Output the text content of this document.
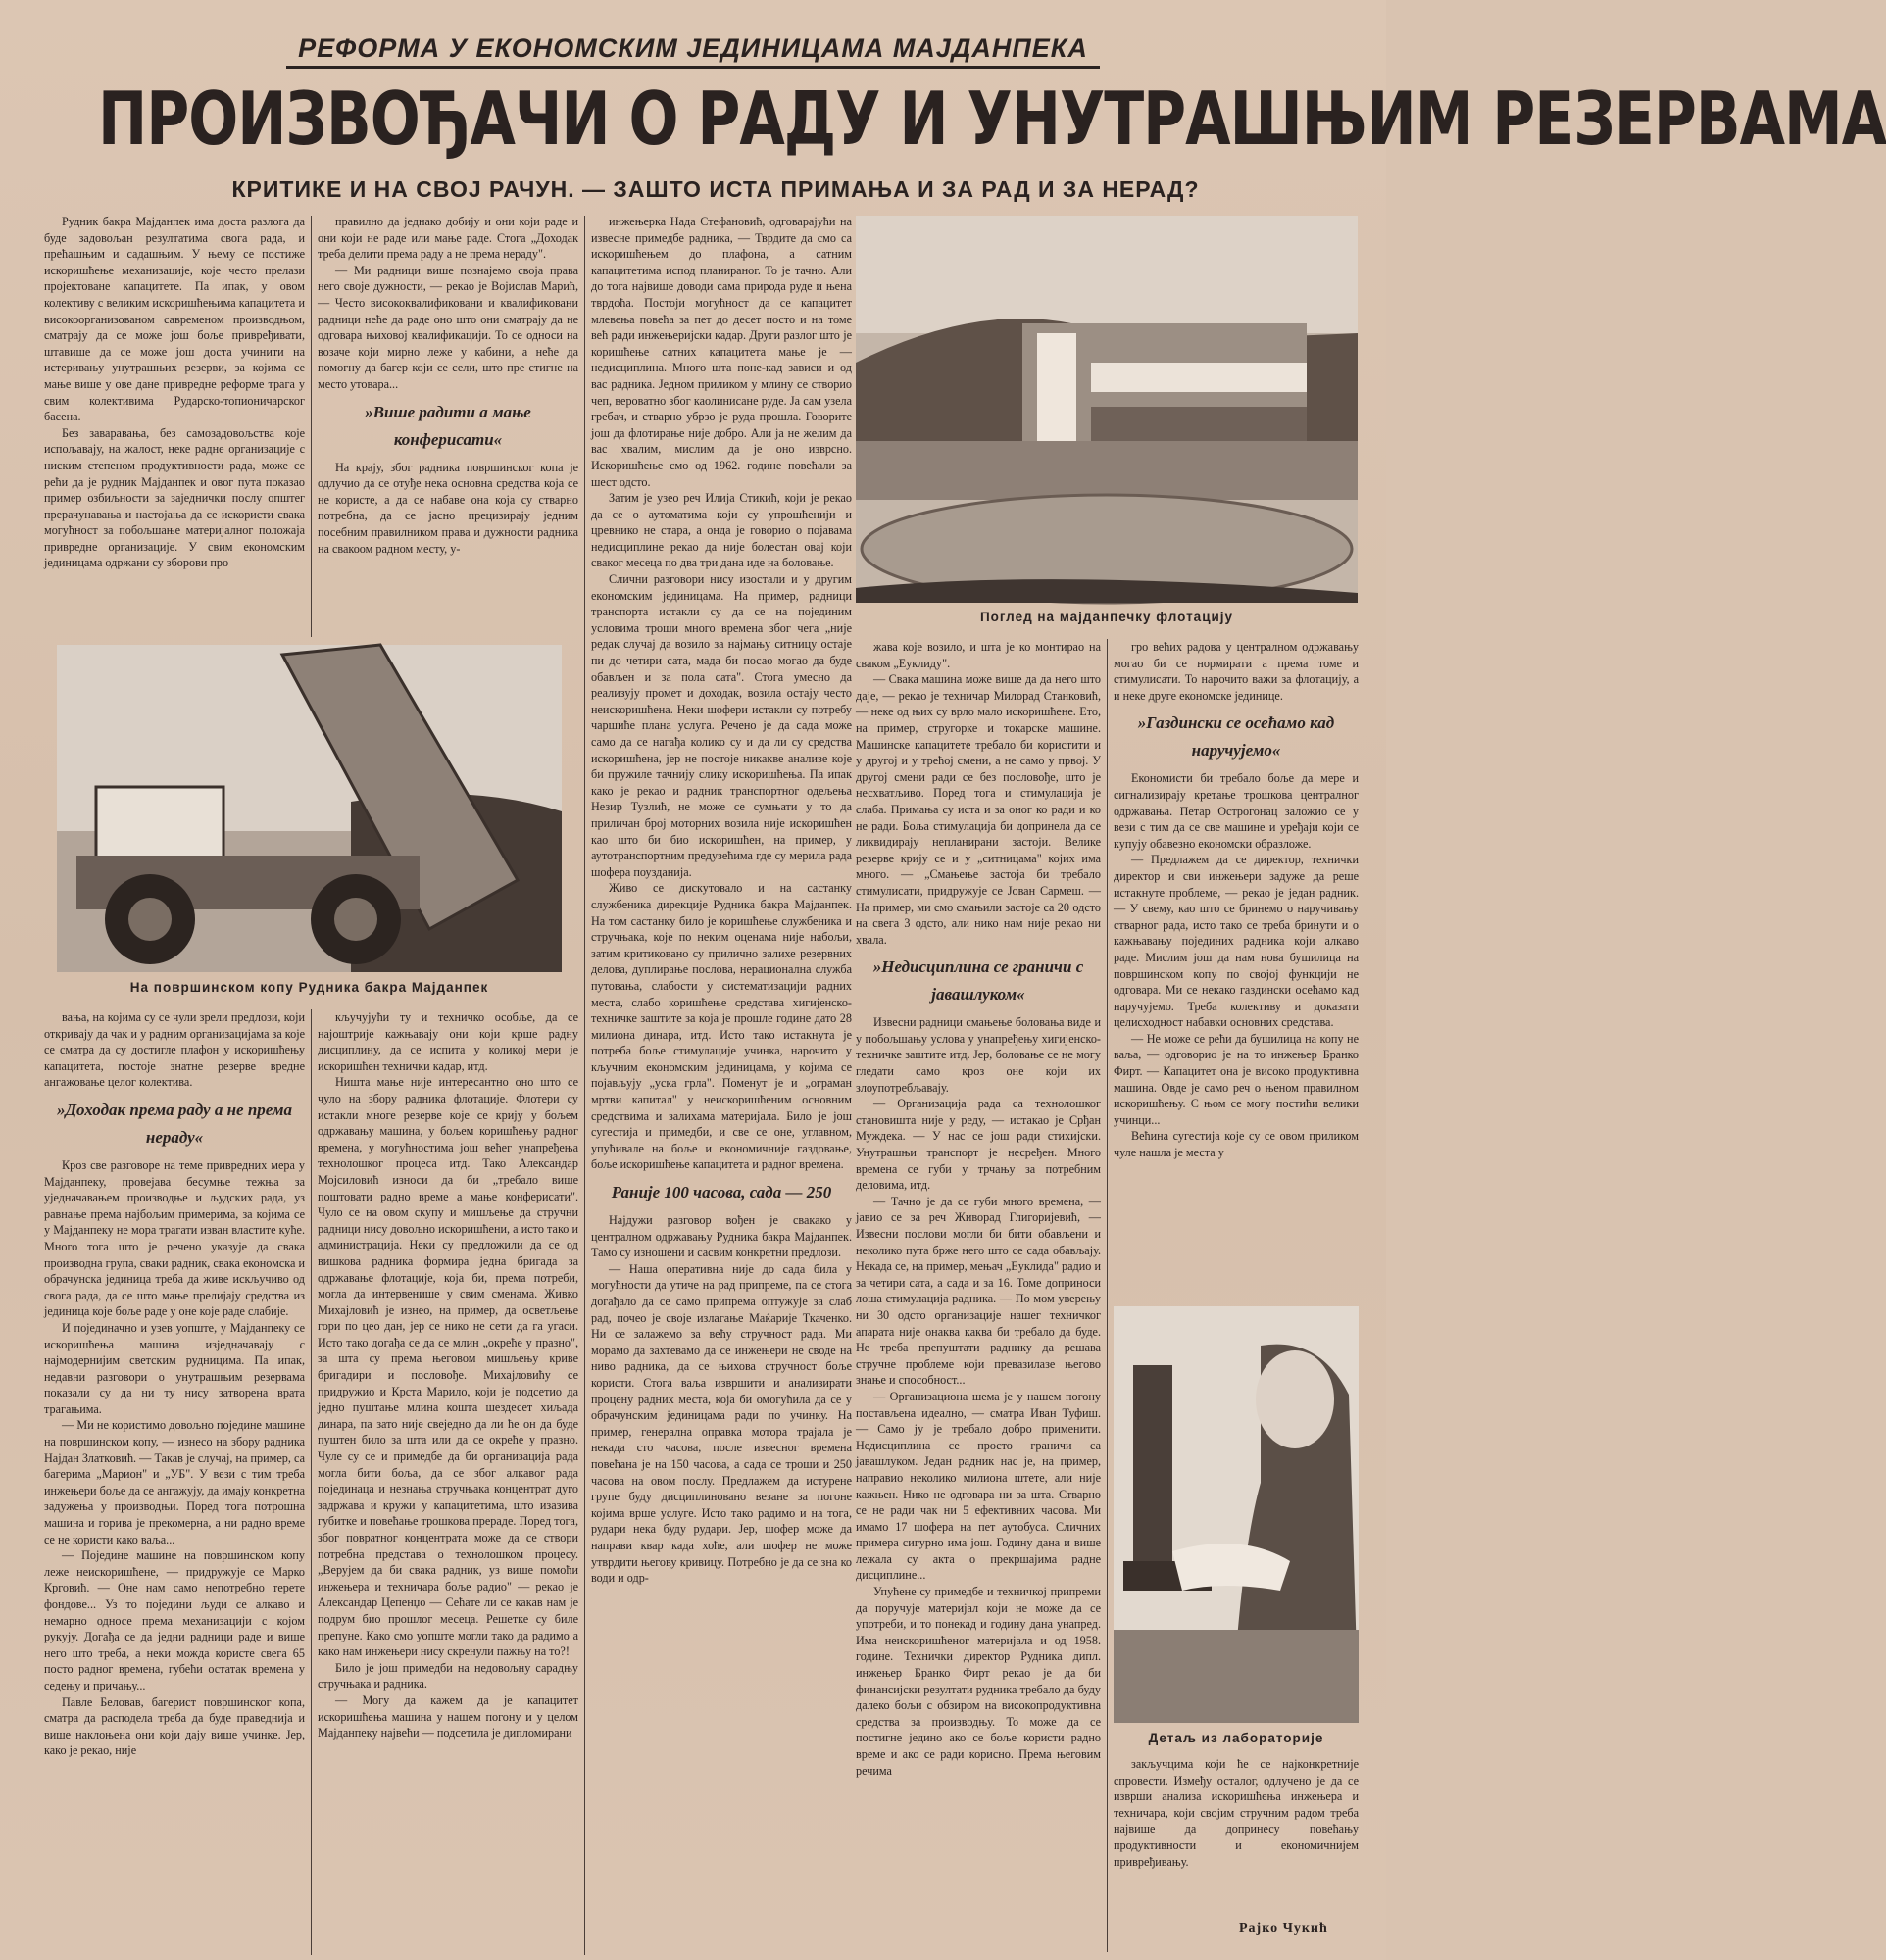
РЕФОРМА У ЕКОНОМСКИМ ЈЕДИНИЦАМА МАЈДАНПЕКА
ПРОИЗВОЂАЧИ О РАДУ И УНУТРАШЊИМ РЕЗЕРВАМА
КРИТИКЕ И НА СВОЈ РАЧУН. — ЗАШТО ИСТА ПРИМАЊА И ЗА РАД И ЗА НЕРАД?

Рудник бакра Мајданпек има доста разлога да буде задовољан резултатима свога рада, и прећашњим и садашњим. У њему се постиже искоришћење механизације, које често прелази пројектоване капацитете. Па ипак, у овом колективу с великим искоришћењима капацитета и високоорганизованом савременом производњом, сматрају да се може још боље привређивати, штавише да се може још доста учинити на истеривању унутрашњих резерви, за којима се мање више у ове дане привредне реформе трага у свим колективима Рударско-топионичарског басена.

Без заваравања, без самозадовољства које испољавају, на жалост, неке радне организације с ниским степеном продуктивности рада, може се рећи да је рудник Мајданпек и овог пута показао пример озбиљности за заједнички послу општег прерачунавања и настојања да се искористи свака могућност за побољшање материјалног положаја привредне организације. У свим економским јединицама одржани су зборови про

правилно да једнако добију и они који раде и они који не раде или мање раде. Стога „Доходак треба делити према раду а не према нераду".

— Ми радници више познајемо своја права него своје дужности, — рекао је Војислав Марић, — Често висококвалификовани и квалификовани радници неће да раде оно што они сматрају да не одговара њиховој квалификацији. То се односи на возаче који мирно леже у кабини, а неће да помогну да багер који се сели, што пре стигне на место утовара...

»Више радити а мање конферисати«

На крају, због радника површинског копа је одлучио да се отуђе нека основна средства која се не користе, а да се набаве она која су стварно потребна, да се јасно прецизирају једним посебним правилником права и дужности радника на свакоом радном месту, у-

инжењерка Нада Стефановић, одговарајући на извесне примедбе радника, — Тврдите да смо са искоришћењем до плафона, а сатним капацитетима испод планираног. То је тачно. Али до тога највише доводи сама природа руде и њена тврдоћа. Постоји могућност да се капацитет млевења повећа за пет до десет посто и на томе већ ради инжењеријски кадар. Други разлог што је коришћење сатних капацитета мање је — недисциплина. Много шта поне-кад зависи и од вас радника. Једном приликом у млину се створио чеп, вероватно због каолинисане руде. Ја сам узела гребач, и стварно убрзо је руда прошла. Говорите још да флотирање није добро. Али ја не желим да вас хвалим, мислим да је оно изврсно. Искоришћење смо од 1962. године повећали за шест одсто.

Затим је узео реч Илија Стикић, који је рекао да се о аутоматима који су упрошћенији и цревнико не стара, а онда је говорио о појавама недисциплине рекао да није болестан овај који сваког месеца по два три дана иде на боловање.

Слични разговори нису изостали и у другим економским јединицама. На пример, радници транспорта истакли су да се на појединим условима троши много времена због чега „није редак случај да возило за најмању ситницу остаје пи до четири сата, мада би посао могао да буде обављен и за пола сата". Стога умесно да реализују промет и доходак, возила остају често неискоришћена. Неки шофери истакли су потребу чаршиће плана услуга. Речено је да сада може само да се нагађа колико су и да ли су средства искоришћена, јер не постоје никакве анализе које би пружиле тачнију слику искоришћења. Па ипак како је рекао и радник транспортног одељења Незир Тузлић, не може се сумњати у то да приличан број моторних возила није искоришћен као што би био искоришћен, на пример, у аутотранспортним предузећима где су мерила рада шофера поузданија.

Живо се дискутовало и на састанку службеника дирекције Рудника бакра Мајданпек. На том састанку било је коришћење службеника и стручњака, које по неким оценама није набољи, затим критиковано су прилично залихе резервних делова, дуплирање послова, нерационална служба путовања, слабости у систематизацији радних места, слабо коришћење средстава хигијенско-техничке заштите за која је прошле године дато 28 милиона динара, итд. Исто тако истакнута је потреба боље стимулације учинка, нарочито у кључним економским јединицама, у којима се појављују „уска грла". Поменут је и „ограман мртви капитал" у неискоришћеним основним средствима и залихама материјала. Било је још сугестија и примедби, и све се оне, углавном, упућивале на боље и економичније газдовање, боље искоришћење капацитета и радног времена.

Раније 100 часова, сада — 250

Најдужи разговор вођен је свакако у централном одржавању Рудника бакра Мајданпек. Тамо су изношени и сасвим конкретни предлози.

— Наша оперативна није до сада била у могућности да утиче на рад припреме, па се стога догађало да се само припрема оптужује за слаб рад, почео је своје излагање Маќарије Ткаченко. Ни се залажемо за већу стручност рада. Ми морамо да захтевамо да се инжењери не своде на ниво радника, да се њихова стручност боље користи. Стога ваља извршити и анализирати процену радних места, која би омогућила да се у обрачунским јединицама ради по учинку. На пример, генерална оправка мотора трајала је некада сто часова, после извесног времена повећана је на 150 часова, а сада се троши и 250 часова на овом послу. Предлажем да истурене групе буду дисциплиновано везане за погоне којима врше услуге. Исто тако радимо и на тога, рудари нека буду рудари. Јер, шофер може да направи квар када хоће, али шофер не може утврдити његову кривицу. Потребно је да се зна ко води и одр-

Поглед на мајданпечку флотацију
На површинском копу Рудника бакра Мајданпек

вања, на којима су се чули зрели предлози, који откривају да чак и у радним организацијама за које се сматра да су достигле плафон у искоришћењу капацитета, постоје знатне резерве вредне ангажовање целог колектива.

»Доходак према раду а не према нераду«

Кроз све разговоре на теме привредних мера у Мајданпеку, провејава бесумње тежња за уједначавањем производње и људских рада, уз равнање према најбољим примерима, за којима се у Мајданпеку не мора трагати изван властите куће. Много тога што је речено указује да свака производна група, сваки радник, свака економска и обрачунска јединица треба да живе искључиво од свога рада, да се што мање прелијају средства из јединица које боље раде у оне које раде слабије.

И појединачно и узев уопште, у Мајданпеку се искоришћења машина изједначавају с најмодернијим светским рудницима. Па ипак, недавни разговори о унутрашњим резервама показали су да ни ту нису затворена врата трагањима.

— Ми не користимо довољно поједине машине на површинском копу, — изнесо на збору радника Најдан Златковић. — Такав је случај, на пример, са багерима „Марион" и „УБ". У вези с тим треба инжењери боље да се ангажују, да имају конкретна задужења у производњи. Поред тога потрошна машина и горива је прекомерна, а ни радно време се не користи како ваља...

— Поједине машине на површинском копу леже неискоришћене, — придружује се Марко Крговић. — Оне нам само непотребно терете фондове... Уз то поједини људи се алкаво и немарно односе према механизацији с којом рукују. Догађа се да једни радници раде и више него што треба, а неки можда користе свега 65 посто радног времена, губећи остатак времена у седењу и причању...

Павле Беловав, багерист површинског копа, сматра да расподела треба да буде праведнија и више наклоњена они који дају више учинке. Јер, како је рекао, није

кључујући ту и техничко особље, да се најоштрије кажњавају они који крше радну дисциплину, да се испита у коликој мери је искоришћен технички кадар, итд.

Ништа мање није интересантно оно што се чуло на збору радника флотације. Флотери су истакли многе резерве које се крију у бољем одржавању машина, у бољем коришћењу радног времена, у могућностима још већег унапређења технолошког процеса итд. Тако Александар Мојсиловић износи да би „требало више поштовати радно време а мање конферисати". Чуло се на овом скупу и мишљење да стручни радници нису довољно искоришћени, а исто тако и администрација. Неки су предложили да се од вишкова радника формира једна бригада за одржавање флотације, која би, према потреби, могла да интервенише у свим сменама. Живко Михајловић је изнео, на пример, да осветљење гори по цео дан, јер се нико не сети да га угаси. Исто тако догађа се да се млин „окреће у празно", за шта су према његовом мишљењу криве бригадири и пословође. Михајловићу се придружио и Крста Марило, који је подсетио да једно пуштање млина кошта шездесет хиљада динара, па зато није свеједно да ли ће он да буде пуштен било за шта или да се окреће у празно. Чуле су се и примедбе да би организација рада могла бити боља, да се због алкавог рада појединаца и незнања стручњака концентрат дуго задржава и кружи у капацитетима, што изазива губитке и повећање трошкова прераде. Поред тога, због повратног концентрата може да се створи потребна представа о технолошком процесу. „Верујем да би свака радник, уз више помоћи инжењера и техничара боље радио" — рекао је Александар Цепенџо — Сећате ли се какав нам је подрум био прошлог месеца. Решетке су биле препуне. Како смо уопште могли тако да радимо а како нам инжењери нису скренули пажњу на то?!

Било је још примедби на недовољну сарадњу стручњака и радника.

— Могу да кажем да је капацитет искоришћења машина у нашем погону и у целом Мајданпеку највећи — подсетила је дипломирани

жава које возило, и шта је ко монтирао на сваком „Еуклиду".

— Свака машина може више да да него што даје, — рекао је техничар Милорад Станковић, — неке од њих су врло мало искоришћене. Ето, на пример, стругорке и токарске машине. Машинске капацитете требало би користити и у другој и у трећој смени, а не само у првој. У другој смени ради се без пословође, што је несхватљиво. Поред тога и стимулација је слаба. Примања су иста и за оног ко ради и ко не ради. Боља стимулација би допринела да се ликвидирају непланирани застоји. Велике резерве крију се и у „ситницама" којих има много. — „Смањење застоја би требало стимулисати, придружује се Јован Сармеш. — На пример, ми смо смањили застоје са 20 одсто на свега 3 одсто, али нико нам није рекао ни хвала.

»Недисциплина се граничи с јавашлуком«

Извесни радници смањење боловања виде и у побољшању услова у унапређењу хигијенско-техничке заштите итд. Јер, боловање се не могу гледати само кроз оне који их злоупотребљавају.

— Организација рада са технолошког становишта није у реду, — истакао је Срђан Муждека. — У нас се још ради стихијски. Унутрашњи транспорт је несређен. Много времена се губи у трчању за потребним деловима, итд.

— Тачно је да се губи много времена, — јавио се за реч Живорад Глигоријевић, — Извесни послови могли би бити обављени и неколико пута брже него што се сада обављају. Некада се, на пример, мењач „Еуклида" радио и за четири сата, а сада и за 16. Томе доприноси лоша стимулација радника. — По мом уверењу ни 30 одсто организације нашег техничког апарата није онаква каква би требало да буде. Не треба препуштати раднику да решава стручне проблеме који превазилазе његово знање и способност...

— Организациона шема је у нашем погону постављена идеално, — сматра Иван Туфиш. — Само ју је требало добро применити. Недисциплина се просто граничи са јавашлуком. Један радник нас је, на пример, направио неколико милиона штете, али није кажњен. Нико не одговара ни за шта. Стварно се не ради чак ни 5 ефективних часова. Ми имамо 17 шофера на пет аутобуса. Сличних примера сигурно има још. Годину дана и више лежала су акта о прекршајима радне дисциплине...

Упућене су примедбе и техничкој припреми да поручује материјал који не може да се употреби, и то понекад и годину дана унапред. Има неискоришћеног материјала и од 1958. године. Технички директор Рудника дипл. инжењер Бранко Фирт рекао је да би финансијски резултати рудника требало да буду далеко бољи с обзиром на високопродуктивна средства за производњу. То може да се постигне једино ако се боље користи радно време и ако се ради корисно. Према његовим речима

гро већих радова у централном одржавању могао би се нормирати а према томе и стимулисати. То нарочито важи за флотацију, а и неке друге економске јединице.

»Газдински се осећамо кад наручујемо«

Економисти би требало боље да мере и сигнализирају кретање трошкова централног одржавања. Петар Острогонац заложио се у вези с тим да се све машине и уређаји који се купују обавезно економски образложе.

— Предлажем да се директор, технички директор и сви инжењери задуже да реше истакнуте проблеме, — рекао је један радник. — У свему, као што се бринемо о наручивању стварног рада, исто тако се треба бринути и о кажњавању појединих радника који алкаво раде. Мислим још да нам нова бушилица на површинском копу по својој функцији не одговара. Ми се некако газдински осећамо кад наручујемо. Треба колективу и доказати целисходност набавки основних средстава.

— Не може се рећи да бушилица на копу не ваља, — одговорио је на то инжењер Бранко Фирт. — Капацитет она је високо продуктивна машина. Овде је само реч о њеном правилном искоришћењу. С њом се могу постићи велики учинци...

Већина сугестија које су се овом приликом чуле нашла је места у

Детаљ из лабораторије

закључцима који ће се најконкретније спровести. Између осталог, одлучено је да се изврши анализа искоришћења инжењера и техничара, који својим стручним радом треба највише да допринесу повећању продуктивности и економичнијем привређивању.

Рајко Чукић
